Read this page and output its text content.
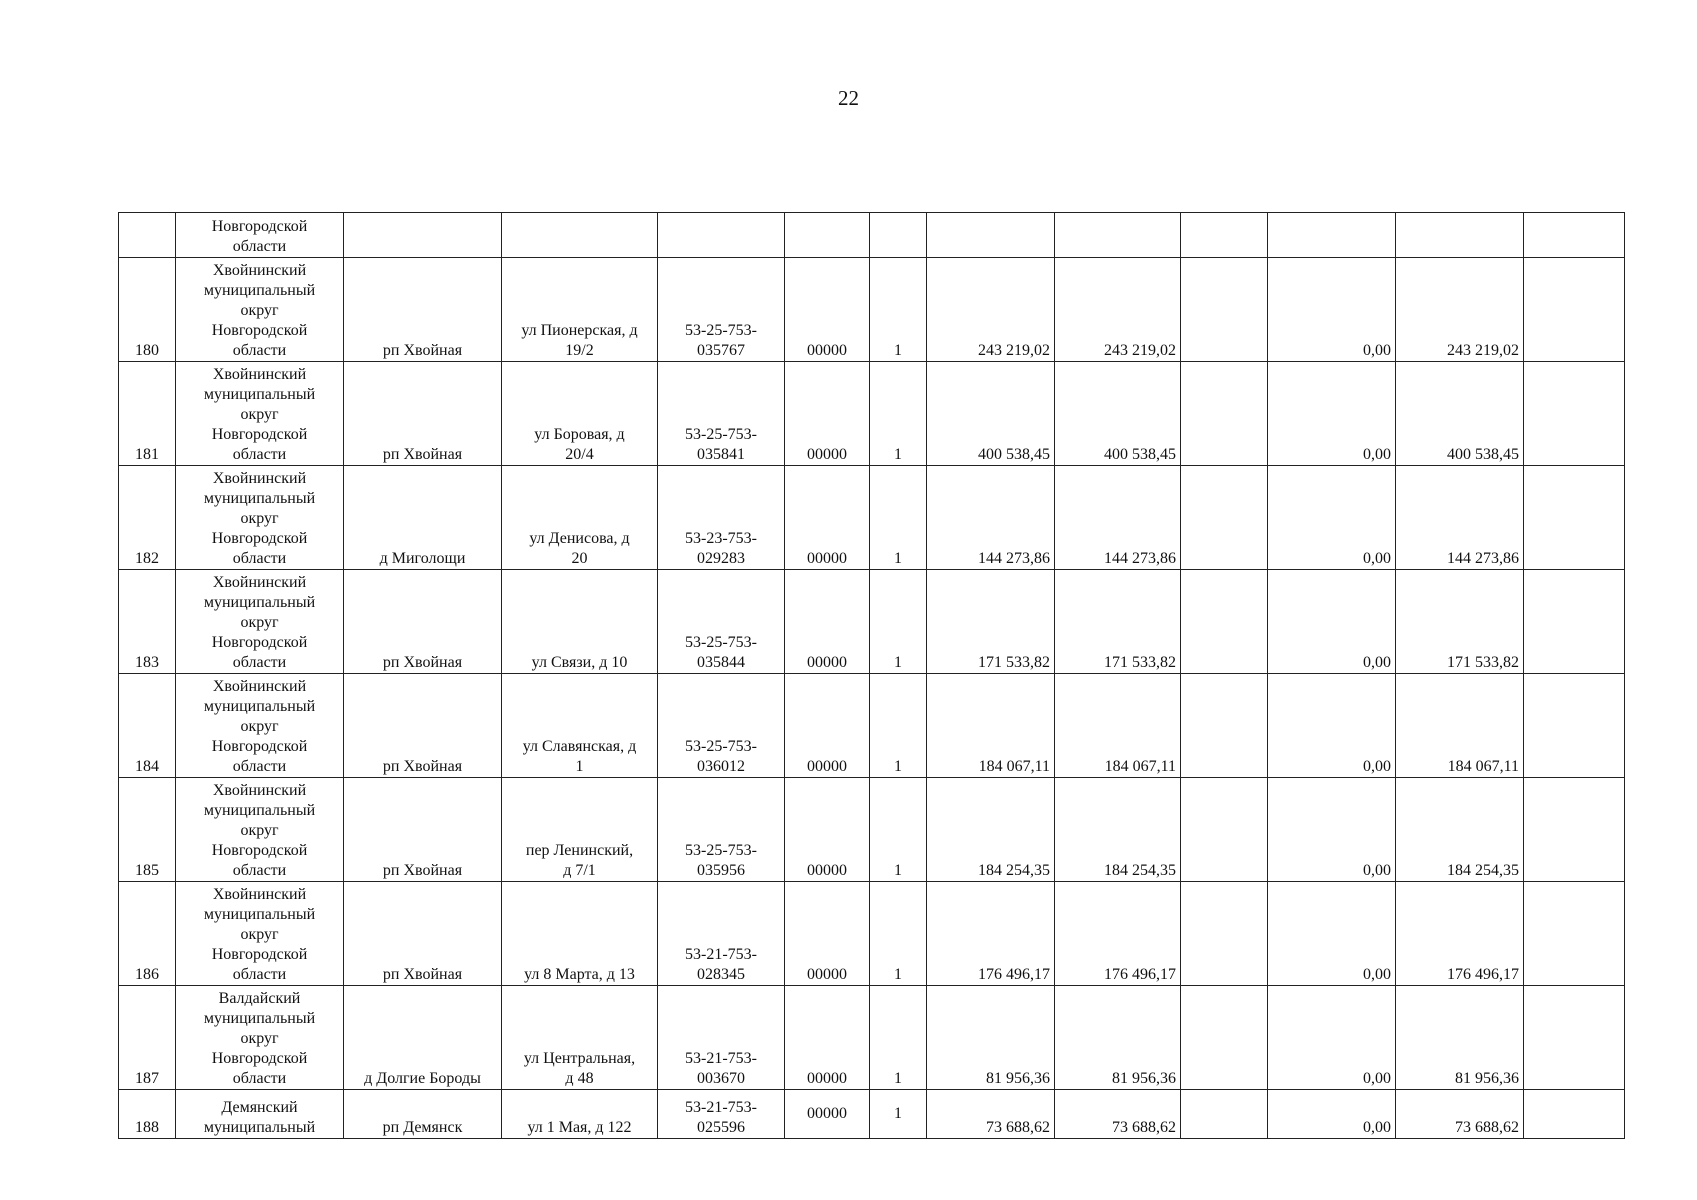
22

	Новгородской
области											

180	Хвойнинский
муниципальный
округ
Новгородской
области	рп Хвойная	ул Пионерская, д
19/2	53-25-753-
035767	00000	1	243 219,02	243 219,02		0,00	243 219,02	
181	Хвойнинский
муниципальный
округ
Новгородской
области	рп Хвойная	ул Боровая, д
20/4	53-25-753-
035841	00000	1	400 538,45	400 538,45		0,00	400 538,45	
182	Хвойнинский
муниципальный
округ
Новгородской
области	д Миголощи	ул Денисова, д
20	53-23-753-
029283	00000	1	144 273,86	144 273,86		0,00	144 273,86	
183	Хвойнинский
муниципальный
округ
Новгородской
области	рп Хвойная	ул Связи, д 10	53-25-753-
035844	00000	1	171 533,82	171 533,82		0,00	171 533,82	
184	Хвойнинский
муниципальный
округ
Новгородской
области	рп Хвойная	ул Славянская, д
1	53-25-753-
036012	00000	1	184 067,11	184 067,11		0,00	184 067,11	
185	Хвойнинский
муниципальный
округ
Новгородской
области	рп Хвойная	пер Ленинский,
д 7/1	53-25-753-
035956	00000	1	184 254,35	184 254,35		0,00	184 254,35	
186	Хвойнинский
муниципальный
округ
Новгородской
области	рп Хвойная	ул 8 Марта, д 13	53-21-753-
028345	00000	1	176 496,17	176 496,17		0,00	176 496,17	
187	Валдайский
муниципальный
округ
Новгородской
области	д Долгие Бороды	ул Центральная,
д 48	53-21-753-
003670	00000	1	81 956,36	81 956,36		0,00	81 956,36	
188	Демянский
муниципальный	рп Демянск	ул 1 Мая, д 122	53-21-753-
025596	00000	1	73 688,62	73 688,62		0,00	73 688,62	
